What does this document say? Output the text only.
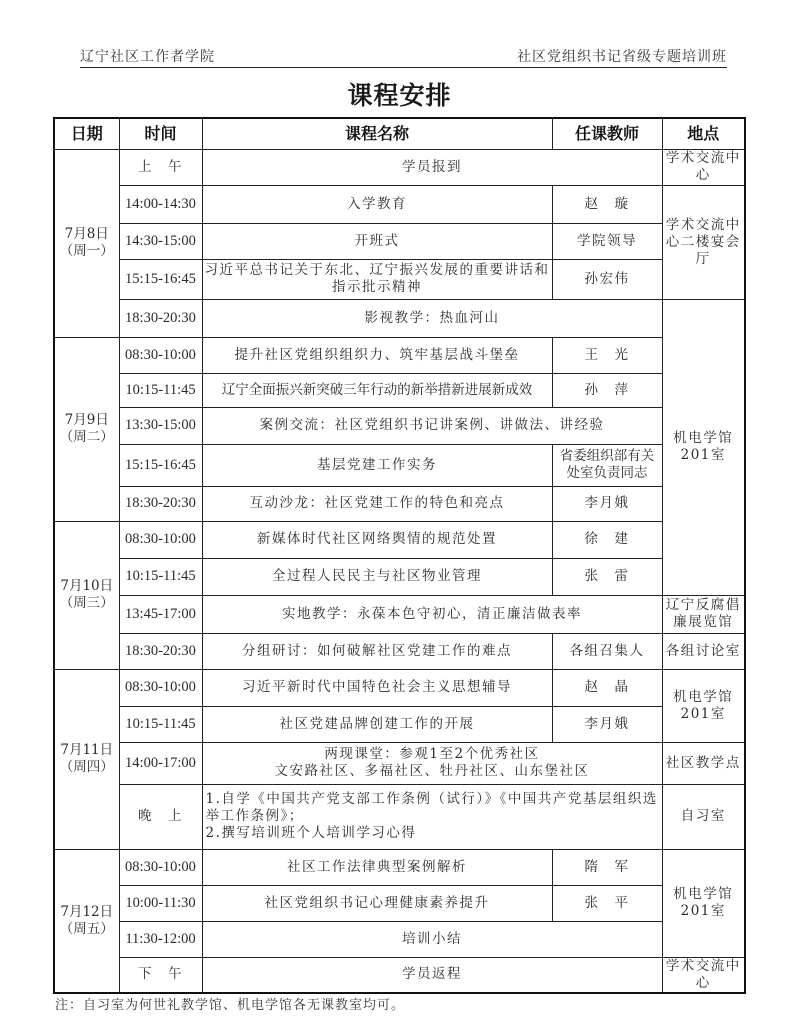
辽宁社区工作者学院	社区党组织书记省级专题培训班
课程安排
日期	时间	课程名称	任课教师	地点
7月8日
（周一）	上　午	学员报到		学术交流中心
	14:00-14:30	入学教育	赵　璇	学术交流中心二楼宴会厅
	14:30-15:00	开班式	学院领导	
	15:15-16:45	习近平总书记关于东北、辽宁振兴发展的重要讲话和指示批示精神	孙宏伟	
	18:30-20:30	影视教学：热血河山		机电学馆201室
7月9日
（周二）	08:30-10:00	提升社区党组织组织力、筑牢基层战斗堡垒	王　光	
	10:15-11:45	辽宁全面振兴新突破三年行动的新举措新进展新成效	孙　萍	
	13:30-15:00	案例交流：社区党组织书记讲案例、讲做法、讲经验		
	15:15-16:45	基层党建工作实务	省委组织部有关处室负责同志	
	18:30-20:30	互动沙龙：社区党建工作的特色和亮点	李月娥	
7月10日
（周三）	08:30-10:00	新媒体时代社区网络舆情的规范处置	徐　建	
	10:15-11:45	全过程人民民主与社区物业管理	张　雷	
	13:45-17:00	实地教学：永葆本色守初心，清正廉洁做表率		辽宁反腐倡廉展览馆
	18:30-20:30	分组研讨：如何破解社区党建工作的难点	各组召集人	各组讨论室
7月11日
（周四）	08:30-10:00	习近平新时代中国特色社会主义思想辅导	赵　晶	机电学馆201室
	10:15-11:45	社区党建品牌创建工作的开展	李月娥	
	14:00-17:00	两现课堂：参观1至2个优秀社区
文安路社区、多福社区、牡丹社区、山东堡社区		社区教学点
	晚　上	1.自学《中国共产党支部工作条例（试行）》《中国共产党基层组织选举工作条例》；
2.撰写培训班个人培训学习心得		自习室
7月12日
（周五）	08:30-10:00	社区工作法律典型案例解析	隋　军	机电学馆201室
	10:00-11:30	社区党组织书记心理健康素养提升	张　平	
	11:30-12:00	培训小结		
	下　午	学员返程		学术交流中心
注：自习室为何世礼教学馆、机电学馆各无课教室均可。
